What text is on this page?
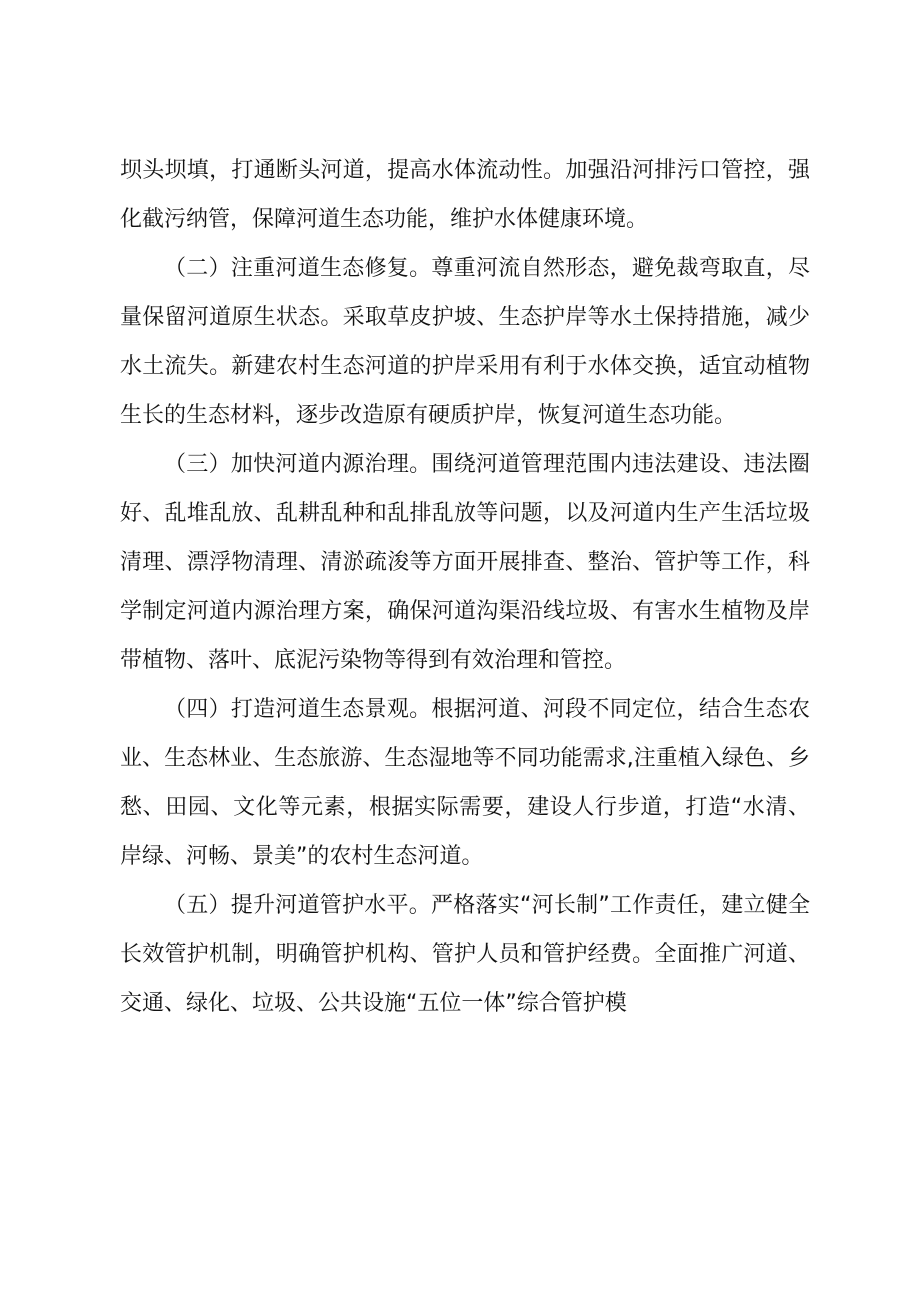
坝头坝填，打通断头河道，提高水体流动性。加强沿河排污口管控，强化截污纳管，保障河道生态功能，维护水体健康环境。

（二）注重河道生态修复。尊重河流自然形态，避免裁弯取直，尽量保留河道原生状态。采取草皮护坡、生态护岸等水土保持措施，减少水土流失。新建农村生态河道的护岸采用有利于水体交换，适宜动植物生长的生态材料，逐步改造原有硬质护岸，恢复河道生态功能。

（三）加快河道内源治理。围绕河道管理范围内违法建设、违法圈好、乱堆乱放、乱耕乱种和乱排乱放等问题，以及河道内生产生活垃圾清理、漂浮物清理、清淤疏浚等方面开展排查、整治、管护等工作，科学制定河道内源治理方案，确保河道沟渠沿线垃圾、有害水生植物及岸带植物、落叶、底泥污染物等得到有效治理和管控。

（四）打造河道生态景观。根据河道、河段不同定位，结合生态农业、生态林业、生态旅游、生态湿地等不同功能需求,注重植入绿色、乡愁、田园、文化等元素，根据实际需要，建设人行步道，打造“水清、岸绿、河畅、景美”的农村生态河道。

（五）提升河道管护水平。严格落实“河长制”工作责任，建立健全长效管护机制，明确管护机构、管护人员和管护经费。全面推广河道、交通、绿化、垃圾、公共设施“五位一体”综合管护模
